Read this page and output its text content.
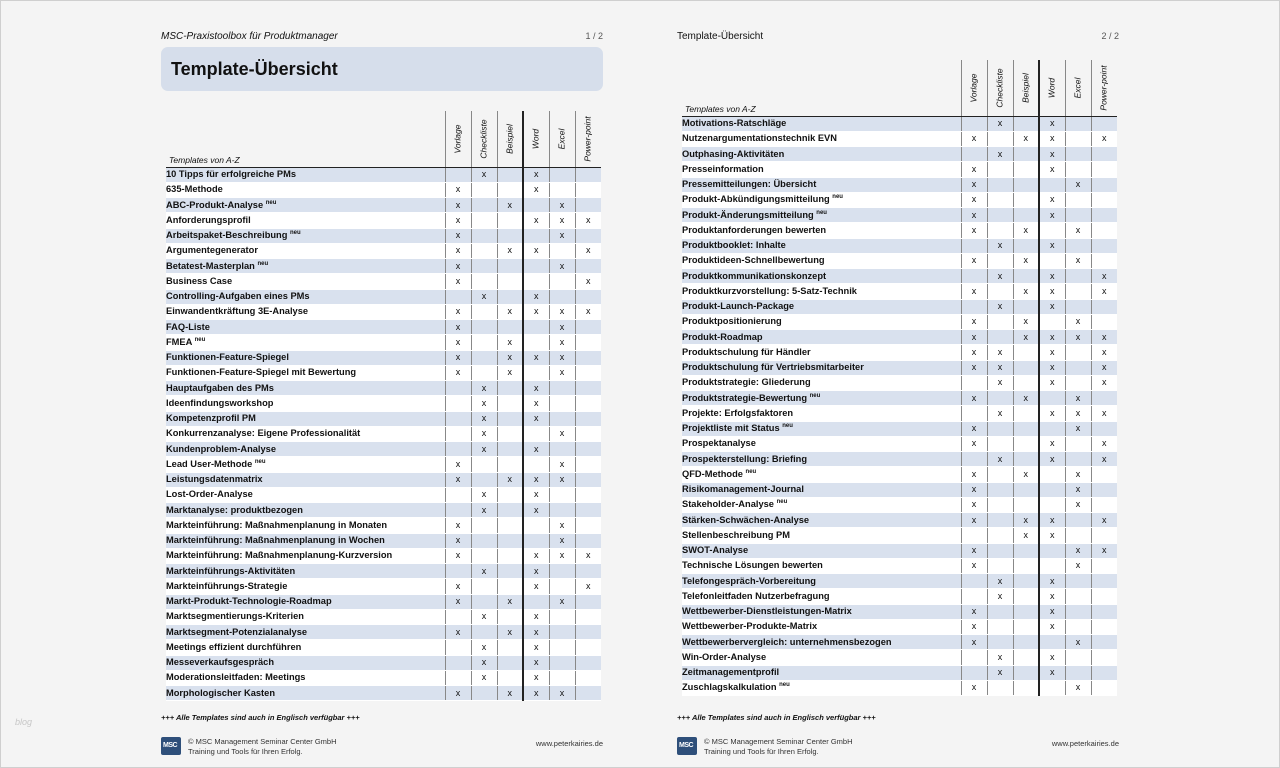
blog
MSC-Praxistoolbox für Produktmanager	1 / 2
Template-Übersicht
Templates von A-Z	Vorlage	Checkliste	Beispiel	Word	Excel	Power-point

10 Tipps für erfolgreiche PMs		x		x		
635-Methode	x			x		
ABC-Produkt-Analyse $^{neu}$	x		x		x	
Anforderungsprofil	x			x	x	x
Arbeitspaket-Beschreibung $^{neu}$	x				x	
Argumentegenerator	x		x	x		x
Betatest-Masterplan $^{neu}$	x				x	
Business Case	x					x
Controlling-Aufgaben eines PMs		x		x		
Einwandentkräftung 3E-Analyse	x		x	x	x	x
FAQ-Liste	x				x	
FMEA $^{neu}$	x		x		x	
Funktionen-Feature-Spiegel	x		x	x	x	
Funktionen-Feature-Spiegel mit Bewertung	x		x		x	
Hauptaufgaben des PMs		x		x		
Ideenfindungsworkshop		x		x		
Kompetenzprofil PM		x		x		
Konkurrenzanalyse: Eigene Professionalität		x			x	
Kundenproblem-Analyse		x		x		
Lead User-Methode $^{neu}$	x				x	
Leistungsdatenmatrix	x		x	x	x	
Lost-Order-Analyse		x		x		
Marktanalyse: produktbezogen		x		x		
Markteinführung: Maßnahmenplanung in Monaten	x				x	
Markteinführung: Maßnahmenplanung in Wochen	x				x	
Markteinführung: Maßnahmenplanung-Kurzversion	x			x	x	x
Markteinführungs-Aktivitäten		x		x		
Markteinführungs-Strategie	x			x		x
Markt-Produkt-Technologie-Roadmap	x		x		x	
Marktsegmentierungs-Kriterien		x		x		
Marktsegment-Potenzialanalyse	x		x	x		
Meetings effizient durchführen		x		x		
Messeverkaufsgespräch		x		x		
Moderationsleitfaden: Meetings		x		x		
Morphologischer Kasten	x		x	x	x	
+++ Alle Templates sind auch in Englisch verfügbar +++
MSC © MSC Management Seminar Center GmbH
Training und Tools für Ihren Erfolg.
www.peterkairies.de
Template-Übersicht	2 / 2
Templates von A-Z	Vorlage	Checkliste	Beispiel	Word	Excel	Power-point

Motivations-Ratschläge		x		x		
Nutzenargumentationstechnik EVN	x		x	x		x
Outphasing-Aktivitäten		x		x		
Presseinformation	x			x		
Pressemitteilungen: Übersicht	x				x	
Produkt-Abkündigungsmitteilung $^{neu}$	x			x		
Produkt-Änderungsmitteilung $^{neu}$	x			x		
Produktanforderungen bewerten	x		x		x	
Produktbooklet: Inhalte		x		x		
Produktideen-Schnellbewertung	x		x		x	
Produktkommunikationskonzept		x		x		x
Produktkurzvorstellung: 5-Satz-Technik	x		x	x		x
Produkt-Launch-Package		x		x		
Produktpositionierung	x		x		x	
Produkt-Roadmap	x		x	x	x	x
Produktschulung für Händler	x	x		x		x
Produktschulung für Vertriebsmitarbeiter	x	x		x		x
Produktstrategie: Gliederung		x		x		x
Produktstrategie-Bewertung $^{neu}$	x		x		x	
Projekte: Erfolgsfaktoren		x		x	x	x
Projektliste mit Status $^{neu}$	x				x	
Prospektanalyse	x			x		x
Prospekterstellung: Briefing		x		x		x
QFD-Methode $^{neu}$	x		x		x	
Risikomanagement-Journal	x				x	
Stakeholder-Analyse $^{neu}$	x				x	
Stärken-Schwächen-Analyse	x		x	x		x
Stellenbeschreibung PM			x	x		
SWOT-Analyse	x				x	x
Technische Lösungen bewerten	x				x	
Telefongespräch-Vorbereitung		x		x		
Telefonleitfaden Nutzerbefragung		x		x		
Wettbewerber-Dienstleistungen-Matrix	x			x		
Wettbewerber-Produkte-Matrix	x			x		
Wettbewerbervergleich: unternehmensbezogen	x				x	
Win-Order-Analyse		x		x		
Zeitmanagementprofil		x		x		
Zuschlagskalkulation $^{neu}$	x				x	
+++ Alle Templates sind auch in Englisch verfügbar +++
MSC © MSC Management Seminar Center GmbH
Training und Tools für Ihren Erfolg.
www.peterkairies.de
